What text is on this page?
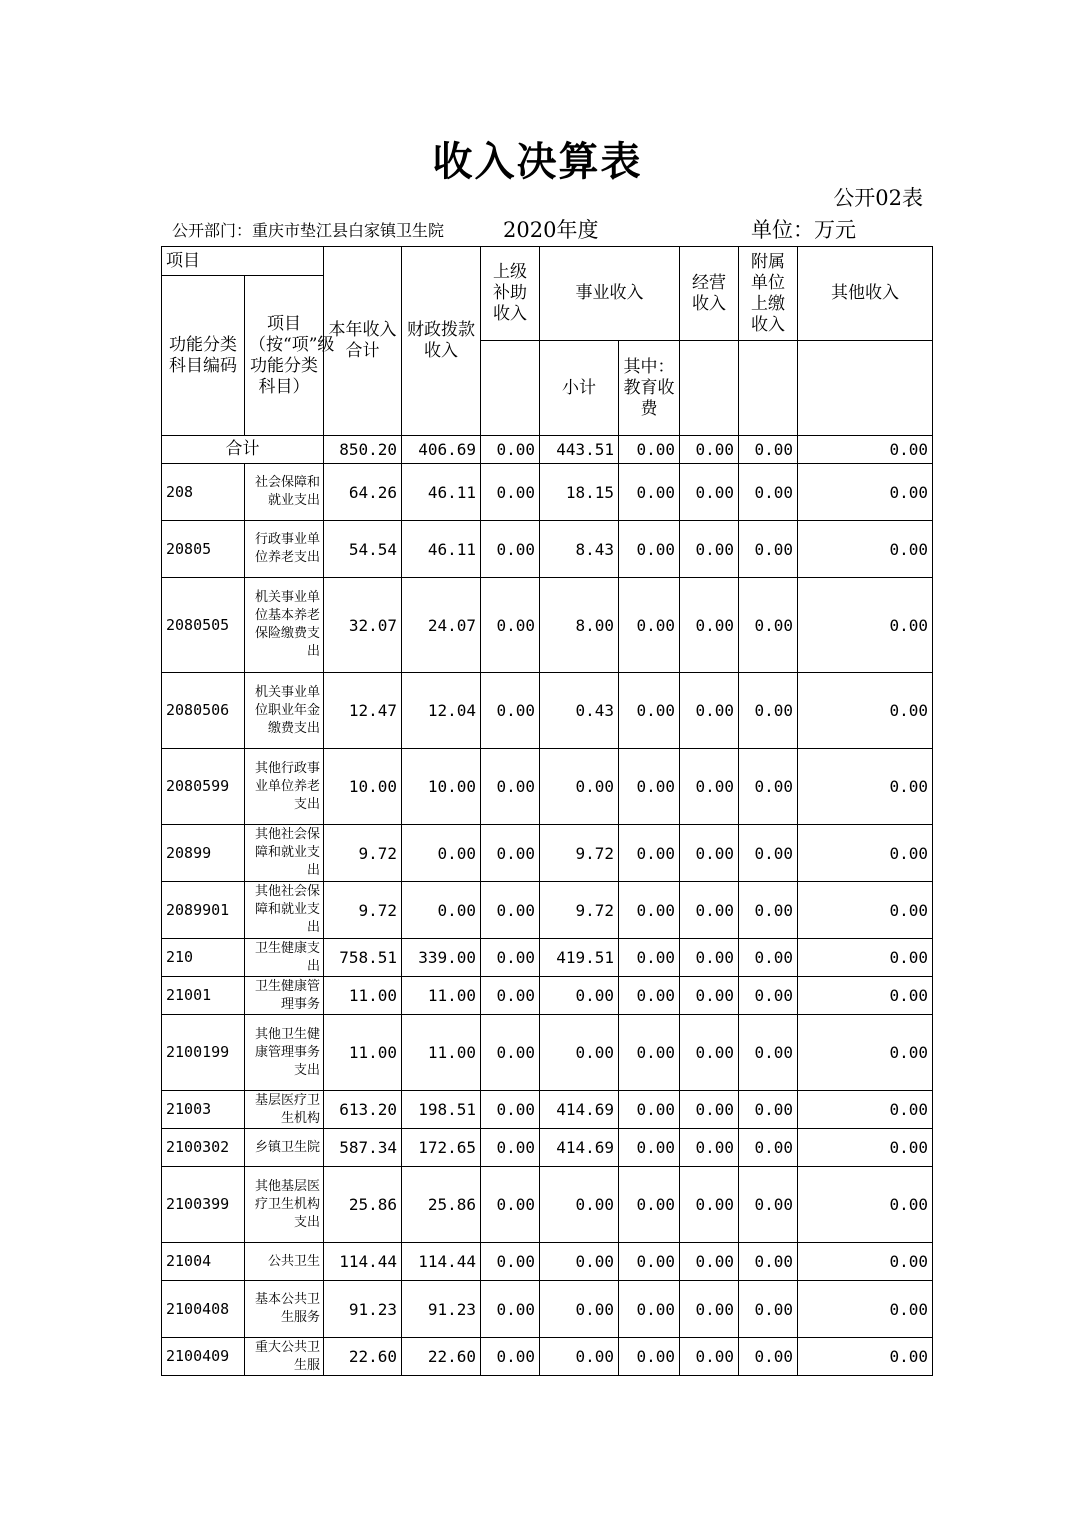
收入决算表
公开02表
公开部门：重庆市垫江县白家镇卫生院	2020年度	单位：万元
项目		本年收入合计	财政拨款收入	上级补助收入	事业收入		经营收入	附属单位上缴收入	其他收入
功能分类科目编码	项目（按“项”级功能分类科目）								
					小计	其中：教育收费			
合计		850.20	406.69	0.00	443.51	0.00	0.00	0.00	0.00
208	社会保障和就业支出	64.26	46.11	0.00	18.15	0.00	0.00	0.00	0.00
20805	行政事业单位养老支出	54.54	46.11	0.00	8.43	0.00	0.00	0.00	0.00
2080505	机关事业单位基本养老保险缴费支出	32.07	24.07	0.00	8.00	0.00	0.00	0.00	0.00
2080506	机关事业单位职业年金缴费支出	12.47	12.04	0.00	0.43	0.00	0.00	0.00	0.00
2080599	其他行政事业单位养老支出	10.00	10.00	0.00	0.00	0.00	0.00	0.00	0.00
20899	其他社会保障和就业支出	9.72	0.00	0.00	9.72	0.00	0.00	0.00	0.00
2089901	其他社会保障和就业支出	9.72	0.00	0.00	9.72	0.00	0.00	0.00	0.00
210	卫生健康支出	758.51	339.00	0.00	419.51	0.00	0.00	0.00	0.00
21001	卫生健康管理事务	11.00	11.00	0.00	0.00	0.00	0.00	0.00	0.00
2100199	其他卫生健康管理事务支出	11.00	11.00	0.00	0.00	0.00	0.00	0.00	0.00
21003	基层医疗卫生机构	613.20	198.51	0.00	414.69	0.00	0.00	0.00	0.00
2100302	乡镇卫生院	587.34	172.65	0.00	414.69	0.00	0.00	0.00	0.00
2100399	其他基层医疗卫生机构支出	25.86	25.86	0.00	0.00	0.00	0.00	0.00	0.00
21004	公共卫生	114.44	114.44	0.00	0.00	0.00	0.00	0.00	0.00
2100408	基本公共卫生服务	91.23	91.23	0.00	0.00	0.00	0.00	0.00	0.00
2100409	重大公共卫生服	22.60	22.60	0.00	0.00	0.00	0.00	0.00	0.00
